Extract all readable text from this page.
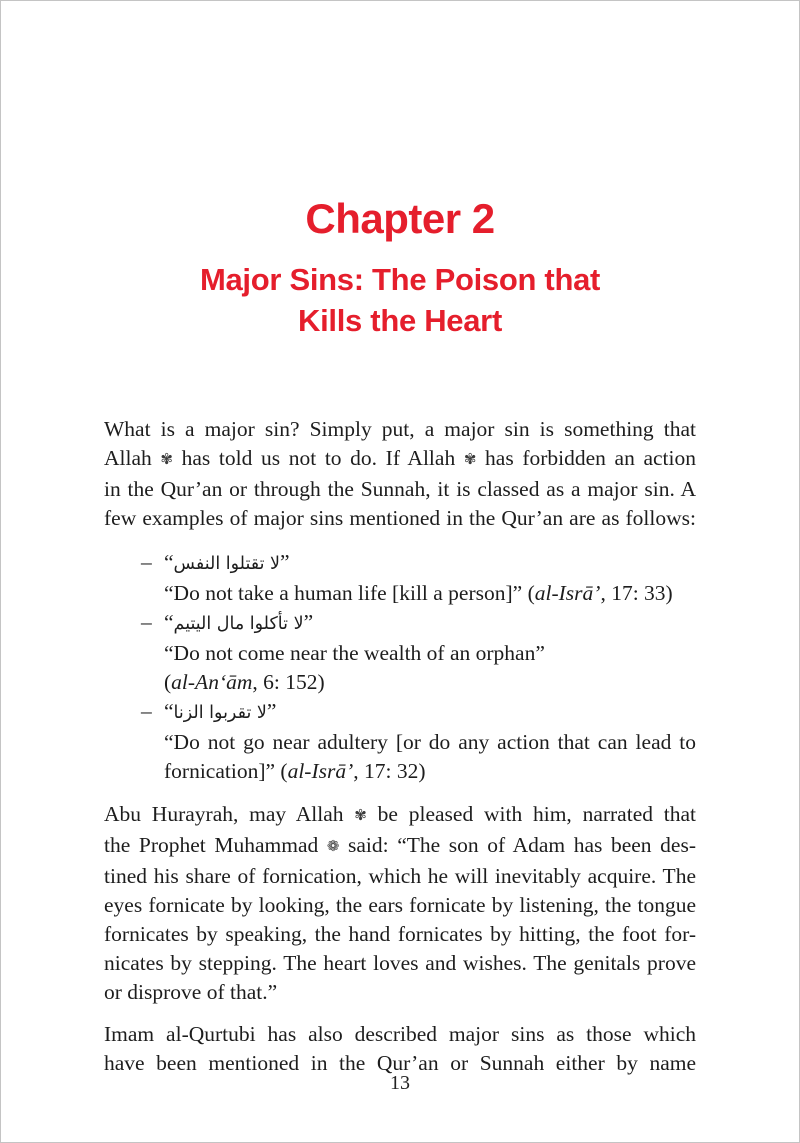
Chapter 2
Major Sins: The Poison that
Kills the Heart
What is a major sin? Simply put, a major sin is something that
Allah ✾ has told us not to do. If Allah ✾ has forbidden an action
in the Qur’an or through the Sunnah, it is classed as a major sin. A
few examples of major sins mentioned in the Qur’an are as follows:
– “لا تقتلوا النفس”
“Do not take a human life [kill a person]” (al-Isrā’, 17: 33)
– “لا تأكلوا مال اليتيم”
“Do not come near the wealth of an orphan”
(al-An‘ām, 6: 152)
– “لا تقربوا الزنا”
“Do not go near adultery [or do any action that can lead to
fornication]” (al-Isrā’, 17: 32)
Abu Hurayrah, may Allah ✾ be pleased with him, narrated that
the Prophet Muhammad ❁ said: “The son of Adam has been des-
tined his share of fornication, which he will inevitably acquire. The
eyes fornicate by looking, the ears fornicate by listening, the tongue
fornicates by speaking, the hand fornicates by hitting, the foot for-
nicates by stepping. The heart loves and wishes. The genitals prove
or disprove of that.”
Imam al-Qurtubi has also described major sins as those which
have been mentioned in the Qur’an or Sunnah either by name
13
